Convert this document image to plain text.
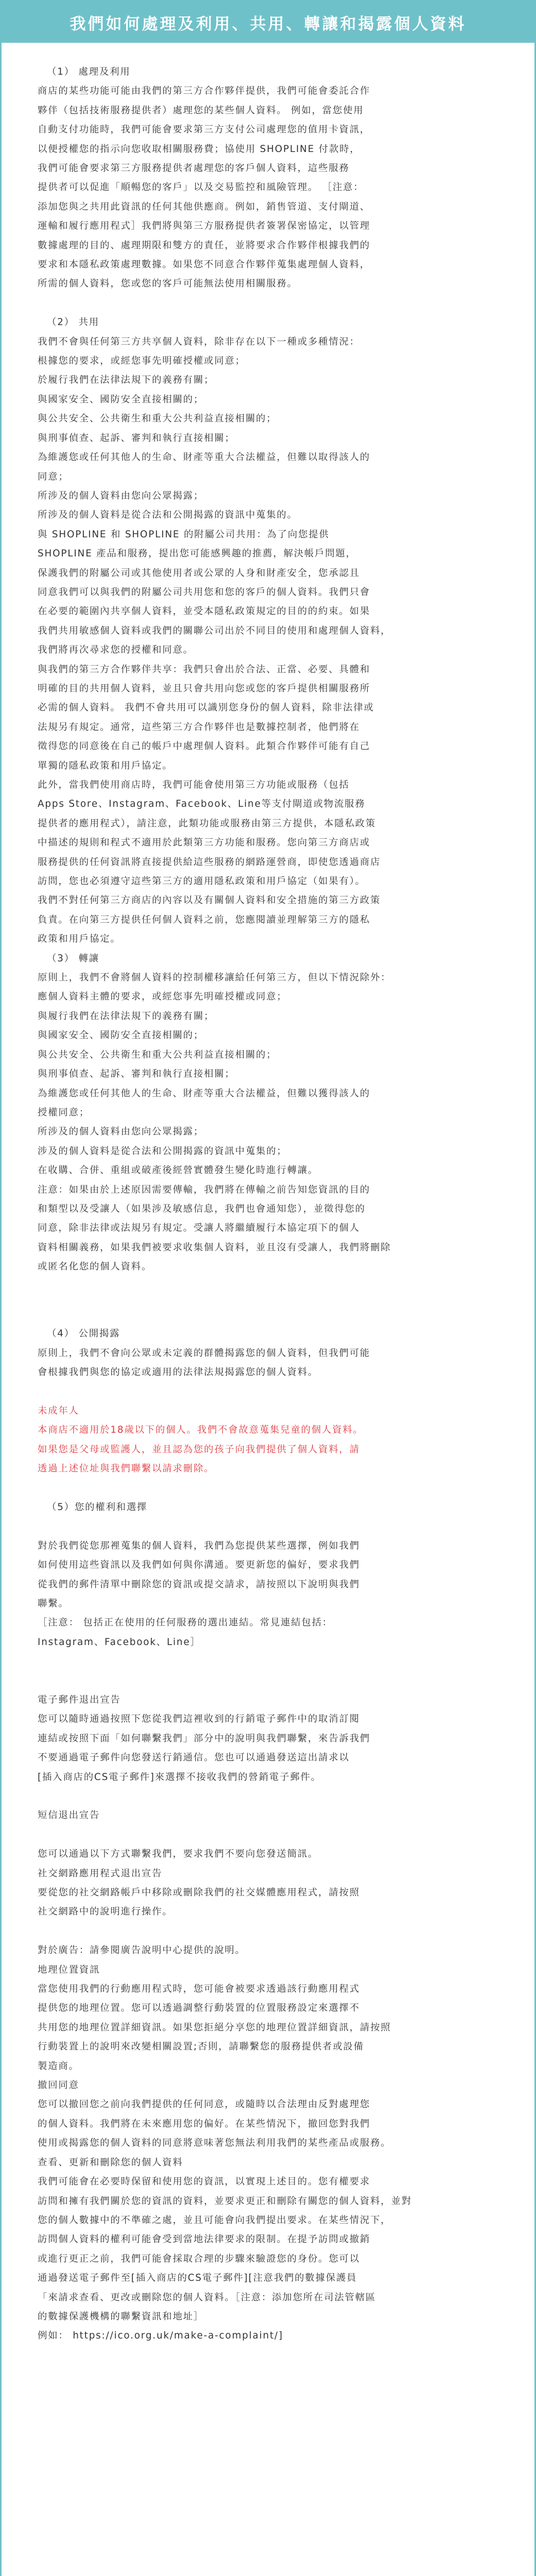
我們如何處理及利用、共用、轉讓和揭露個人資料
（1） 處理及利用
商店的某些功能可能由我們的第三方合作夥伴提供，我們可能會委託合作
夥伴（包括技術服務提供者）處理您的某些個人資料。 例如，當您使用
自動支付功能時，我們可能會要求第三方支付公司處理您的值用卡資訊，
以便授權您的指示向您收取相關服務費；協使用 SHOPLINE 付款時，
我們可能會要求第三方服務提供者處理您的客戶個人資料，這些服務
提供者可以促進「順暢您的客戶」以及交易監控和風險管理。 ［注意：
添加您與之共用此資訊的任何其他供應商。例如，銷售管道、支付閘道、
運輸和履行應用程式］我們將與第三方服務提供者簽署保密協定，以管理
數據處理的目的、處理期限和雙方的責任，並將要求合作夥伴根據我們的
要求和本隱私政策處理數據。如果您不同意合作夥伴蒐集處理個人資料，
所需的個人資料，您或您的客戶可能無法使用相關服務。
（2） 共用
我們不會與任何第三方共享個人資料，除非存在以下一種或多種情況：
根據您的要求，或經您事先明確授權或同意；
於履行我們在法律法規下的義務有關；
與國家安全、國防安全直接相關的；
與公共安全、公共衛生和重大公共利益直接相關的；
與刑事偵查、起訴、審判和執行直接相關；
為維護您或任何其他人的生命、財產等重大合法權益，但難以取得該人的
同意；
所涉及的個人資料由您向公眾揭露；
所涉及的個人資料是從合法和公開揭露的資訊中蒐集的。
與 SHOPLINE 和 SHOPLINE 的附屬公司共用：為了向您提供
SHOPLINE 產品和服務，提出您可能感興趣的推薦，解決帳戶問題，
保護我們的附屬公司或其他使用者或公眾的人身和財產安全，您承認且
同意我們可以與我們的附屬公司共用您和您的客戶的個人資料。我們只會
在必要的範圍內共享個人資料，並受本隱私政策規定的目的的約束。如果
我們共用敏感個人資料或我們的關聯公司出於不同目的使用和處理個人資料，
我們將再次尋求您的授權和同意。
與我們的第三方合作夥伴共享：我們只會出於合法、正當、必要、具體和
明確的目的共用個人資料，並且只會共用向您或您的客戶提供相關服務所
必需的個人資料。 我們不會共用可以識別您身份的個人資料，除非法律或
法規另有規定。通常，這些第三方合作夥伴也是數據控制者，他們將在
徵得您的同意後在自己的帳戶中處理個人資料。此類合作夥伴可能有自己
單獨的隱私政策和用戶協定。
此外，當我們使用商店時，我們可能會使用第三方功能或服務（包括
Apps Store、Instagram、Facebook、Line等支付閘道或物流服務
提供者的應用程式），請注意，此類功能或服務由第三方提供，本隱私政策
中描述的規則和程式不適用於此類第三方功能和服務。您向第三方商店或
服務提供的任何資訊將直接提供給這些服務的網路運營商，即使您透過商店
訪問，您也必須遵守這些第三方的適用隱私政策和用戶協定（如果有）。
我們不對任何第三方商店的內容以及有關個人資料和安全措施的第三方政策
負責。在向第三方提供任何個人資料之前，您應閱讀並理解第三方的隱私
政策和用戶協定。
（3） 轉讓
原則上，我們不會將個人資料的控制權移讓給任何第三方，但以下情況除外：
應個人資料主體的要求，或經您事先明確授權或同意；
與履行我們在法律法規下的義務有關；
與國家安全、國防安全直接相關的；
與公共安全、公共衛生和重大公共利益直接相關的；
與刑事偵查、起訴、審判和執行直接相關；
為維護您或任何其他人的生命、財產等重大合法權益，但難以獲得該人的
授權同意；
所涉及的個人資料由您向公眾揭露；
涉及的個人資料是從合法和公開揭露的資訊中蒐集的；
在收購、合併、重組或破產後經營實體發生變化時進行轉讓。
注意：如果由於上述原因需要傳輸，我們將在傳輸之前告知您資訊的目的
和類型以及受讓人（如果涉及敏感信息，我們也會通知您），並徵得您的
同意，除非法律或法規另有規定。受讓人將繼續履行本協定項下的個人
資料相關義務，如果我們被要求收集個人資料，並且沒有受讓人，我們將刪除
或匿名化您的個人資料。
（4） 公開揭露
原則上，我們不會向公眾或未定義的群體揭露您的個人資料，但我們可能
會根據我們與您的協定或適用的法律法規揭露您的個人資料。
未成年人
本商店不適用於18歲以下的個人。我們不會故意蒐集兒童的個人資料。
如果您是父母或監護人，並且認為您的孩子向我們提供了個人資料，請
透過上述位址與我們聯繫以請求刪除。
（5）您的權利和選擇
對於我們從您那裡蒐集的個人資料，我們為您提供某些選擇，例如我們
如何使用這些資訊以及我們如何與你溝通。要更新您的偏好，要求我們
從我們的郵件清單中刪除您的資訊或提交請求，請按照以下說明與我們
聯繫。
［注意： 包括正在使用的任何服務的選出連結。常見連結包括：
Instagram、Facebook、Line］
電子郵件退出宣告
您可以隨時通過按照下您從我們這裡收到的行銷電子郵件中的取消訂閱
連結或按照下面「如何聯繫我們」部分中的說明與我們聯繫，來告訴我們
不要通過電子郵件向您發送行銷通信。您也可以通過發送這出請求以
[插入商店的CS電子郵件]來選擇不接收我們的營銷電子郵件。
短信退出宣告
您可以通過以下方式聯繫我們，要求我們不要向您發送簡訊。
社交網路應用程式退出宣告
要從您的社交網路帳戶中移除或刪除我們的社交媒體應用程式，請按照
社交網路中的說明進行操作。
對於廣告：請參閱廣告說明中心提供的說明。
地理位置資訊
當您使用我們的行動應用程式時，您可能會被要求透過該行動應用程式
提供您的地理位置。您可以透過調整行動裝置的位置服務設定來選擇不
共用您的地理位置詳細資訊。如果您拒絕分享您的地理位置詳細資訊，請按照
行動裝置上的說明來改變相關設置;否則，請聯繫您的服務提供者或設備
製造商。
撤回同意
您可以撤回您之前向我們提供的任何同意，或隨時以合法理由反對處理您
的個人資料。我們將在未來應用您的偏好。在某些情況下，撤回您對我們
使用或揭露您的個人資料的同意將意味著您無法利用我們的某些產品或服務。
查看、更新和刪除您的個人資料
我們可能會在必要時保留和使用您的資訊，以實現上述目的。您有權要求
訪問和擁有我們關於您的資訊的資料，並要求更正和刪除有關您的個人資料，並對
您的個人數據中的不準確之處，並且可能會向我們提出要求。在某些情況下，
訪問個人資料的權利可能會受到當地法律要求的限制。在提予訪問或撤銷
或進行更正之前，我們可能會採取合理的步驟來驗證您的身份。您可以
通過發送電子郵件至[插入商店的CS電子郵件][注意我們的數據保護員
「來請求查看、更改或刪除您的個人資料。［注意：添加您所在司法管轄區
的數據保護機構的聯繫資訊和地址］
例如： https://ico.org.uk/make-a-complaint/]
